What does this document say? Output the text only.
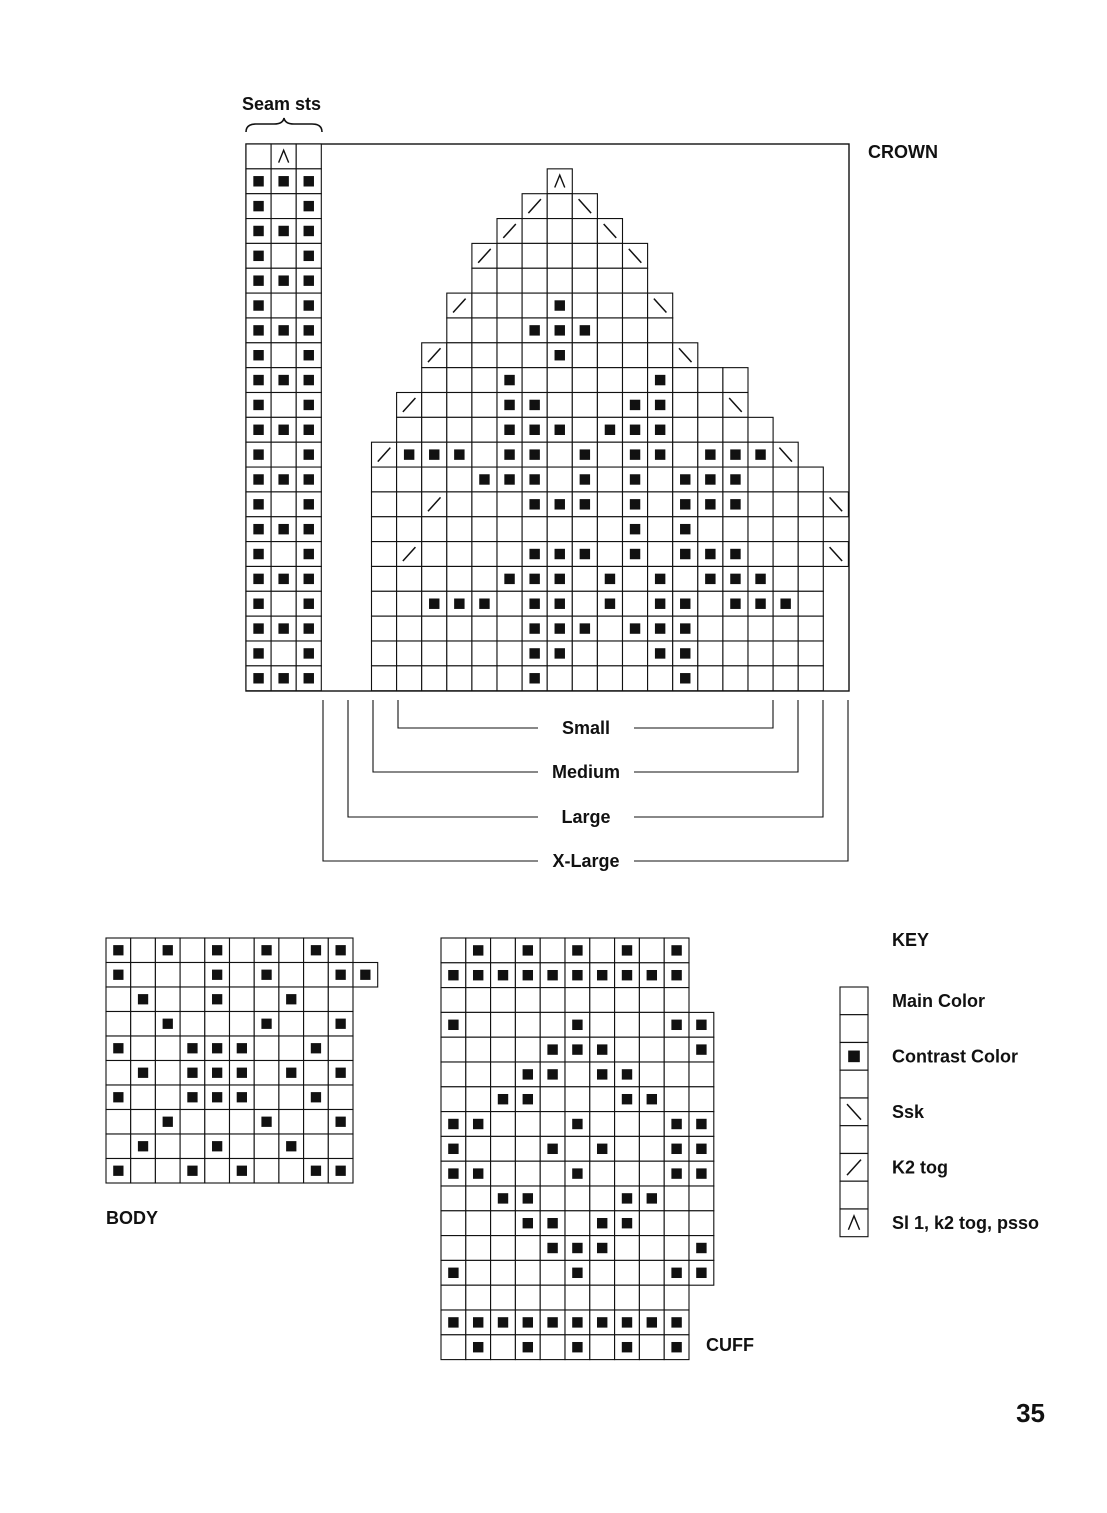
Seam sts
CROWN
Small
Medium
Large
X-Large
BODY
CUFF
KEY
Main Color
Contrast Color
Ssk
K2 tog
Sl 1, k2 tog, psso
35
